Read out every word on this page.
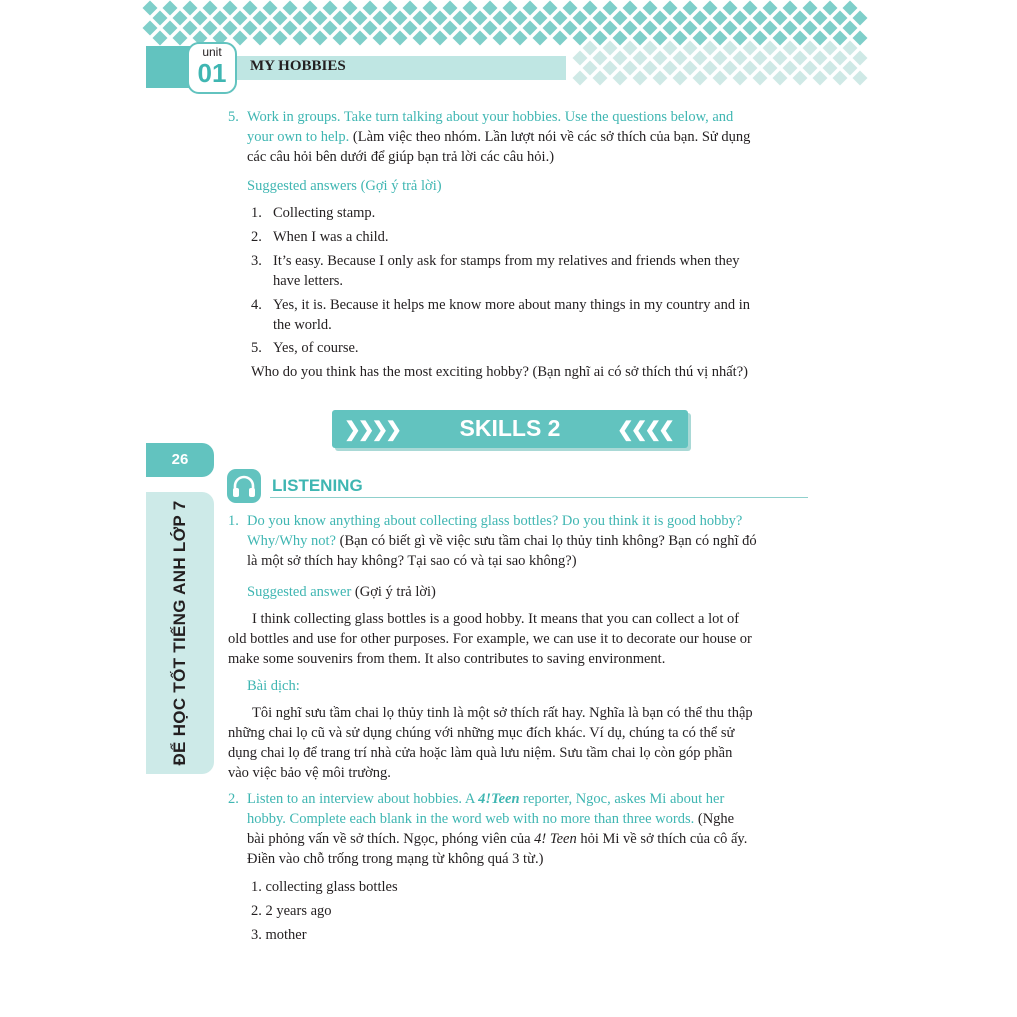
unit
01	MY HOBBIES
5. Work in groups. Take turn talking about your hobbies. Use the questions below, and
your own to help. (Làm việc theo nhóm. Lần lượt nói về các sở thích của bạn. Sử dụng
các câu hỏi bên dưới để giúp bạn trả lời các câu hỏi.)
Suggested answers (Gợi ý trả lời)
1. Collecting stamp.
2. When I was a child.
3. It’s easy. Because I only ask for stamps from my relatives and friends when they
have letters.
4. Yes, it is. Because it helps me know more about many things in my country and in
the world.
5. Yes, of course.
Who do you think has the most exciting hobby? (Bạn nghĩ ai có sở thích thú vị nhất?)
❯❯❯❯	SKILLS 2	❮❮❮❮
26
ĐỂ HỌC TỐT TIẾNG ANH LỚP 7
LISTENING
1. Do you know anything about collecting glass bottles? Do you think it is good hobby?
Why/Why not? (Bạn có biết gì về việc sưu tầm chai lọ thủy tinh không? Bạn có nghĩ đó
là một sở thích hay không? Tại sao có và tại sao không?)
Suggested answer (Gợi ý trả lời)
I think collecting glass bottles is a good hobby. It means that you can collect a lot of
old bottles and use for other purposes. For example, we can use it to decorate our house or
make some souvenirs from them. It also contributes to saving environment.
Bài dịch:
Tôi nghĩ sưu tầm chai lọ thủy tinh là một sở thích rất hay. Nghĩa là bạn có thể thu thập
những chai lọ cũ và sử dụng chúng với những mục đích khác. Ví dụ, chúng ta có thể sử
dụng chai lọ để trang trí nhà cửa hoặc làm quà lưu niệm. Sưu tầm chai lọ còn góp phần
vào việc bảo vệ môi trường.
2. Listen to an interview about hobbies. A 4!Teen reporter, Ngoc, askes Mi about her
hobby. Complete each blank in the word web with no more than three words. (Nghe
bài phỏng vấn về sở thích. Ngọc, phóng viên của 4! Teen hỏi Mi về sở thích của cô ấy.
Điền vào chỗ trống trong mạng từ không quá 3 từ.)
1. collecting glass bottles
2. 2 years ago
3. mother
